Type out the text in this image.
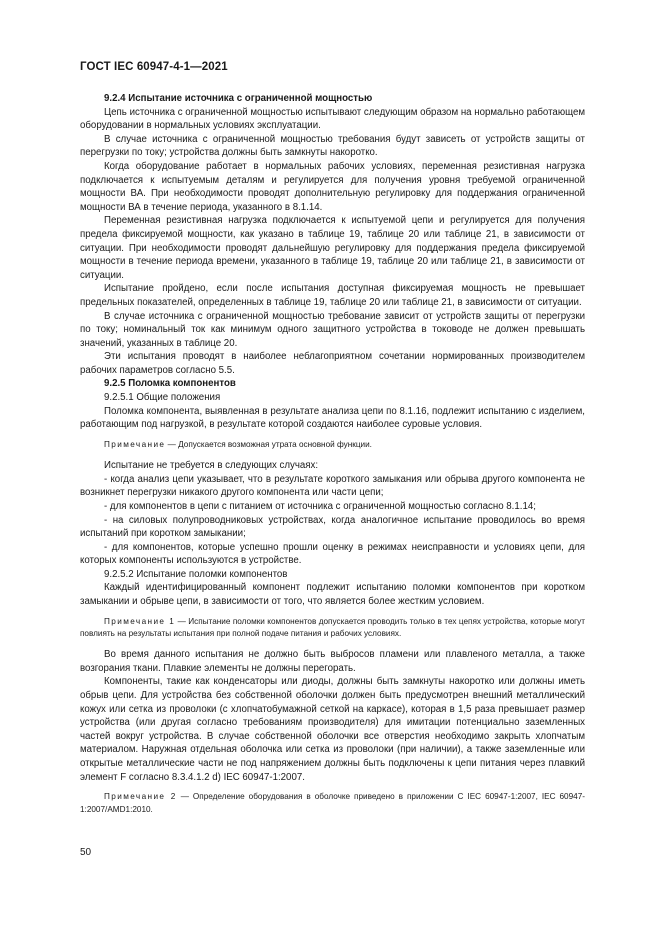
ГОСТ IEC 60947-4-1—2021

9.2.4 Испытание источника с ограниченной мощностью

Цепь источника с ограниченной мощностью испытывают следующим образом на нормально работающем оборудовании в нормальных условиях эксплуатации.

В случае источника с ограниченной мощностью требования будут зависеть от устройств защиты от перегрузки по току; устройства должны быть замкнуты накоротко.

Когда оборудование работает в нормальных рабочих условиях, переменная резистивная нагрузка подключается к испытуемым деталям и регулируется для получения уровня требуемой ограниченной мощности ВА. При необходимости проводят дополнительную регулировку для поддержания ограниченной мощности ВА в течение периода, указанного в 8.1.14.

Переменная резистивная нагрузка подключается к испытуемой цепи и регулируется для получения предела фиксируемой мощности, как указано в таблице 19, таблице 20 или таблице 21, в зависимости от ситуации. При необходимости проводят дальнейшую регулировку для поддержания предела фиксируемой мощности в течение периода времени, указанного в таблице 19, таблице 20 или таблице 21, в зависимости от ситуации.

Испытание пройдено, если после испытания доступная фиксируемая мощность не превышает предельных показателей, определенных в таблице 19, таблице 20 или таблице 21, в зависимости от ситуации.

В случае источника с ограниченной мощностью требование зависит от устройств защиты от перегрузки по току; номинальный ток как минимум одного защитного устройства в тоководе не должен превышать значений, указанных в таблице 20.

Эти испытания проводят в наиболее неблагоприятном сочетании нормированных производителем рабочих параметров согласно 5.5.

9.2.5 Поломка компонентов

9.2.5.1 Общие положения

Поломка компонента, выявленная в результате анализа цепи по 8.1.16, подлежит испытанию с изделием, работающим под нагрузкой, в результате которой создаются наиболее суровые условия.

Примечание — Допускается возможная утрата основной функции.

Испытание не требуется в следующих случаях:

- когда анализ цепи указывает, что в результате короткого замыкания или обрыва другого компонента не возникнет перегрузки никакого другого компонента или части цепи;

- для компонентов в цепи с питанием от источника с ограниченной мощностью согласно 8.1.14;

- на силовых полупроводниковых устройствах, когда аналогичное испытание проводилось во время испытаний при коротком замыкании;

- для компонентов, которые успешно прошли оценку в режимах неисправности и условиях цепи, для которых компоненты используются в устройстве.

9.2.5.2 Испытание поломки компонентов

Каждый идентифицированный компонент подлежит испытанию поломки компонентов при коротком замыкании и обрыве цепи, в зависимости от того, что является более жестким условием.

Примечание 1 — Испытание поломки компонентов допускается проводить только в тех цепях устройства, которые могут повлиять на результаты испытания при полной подаче питания и рабочих условиях.

Во время данного испытания не должно быть выбросов пламени или плавленого металла, а также возгорания ткани. Плавкие элементы не должны перегорать.

Компоненты, такие как конденсаторы или диоды, должны быть замкнуты накоротко или должны иметь обрыв цепи. Для устройства без собственной оболочки должен быть предусмотрен внешний металлический кожух или сетка из проволоки (с хлопчатобумажной сеткой на каркасе), которая в 1,5 раза превышает размер устройства (или другая согласно требованиям производителя) для имитации потенциально заземленных частей вокруг устройства. В случае собственной оболочки все отверстия необходимо закрыть хлопчатым материалом. Наружная отдельная оболочка или сетка из проволоки (при наличии), а также заземленные или открытые металлические части не под напряжением должны быть подключены к цепи питания через плавкий элемент F согласно 8.3.4.1.2 d) IEC 60947-1:2007.

Примечание 2 — Определение оборудования в оболочке приведено в приложении C IEC 60947-1:2007, IEC 60947-1:2007/AMD1:2010.

50
